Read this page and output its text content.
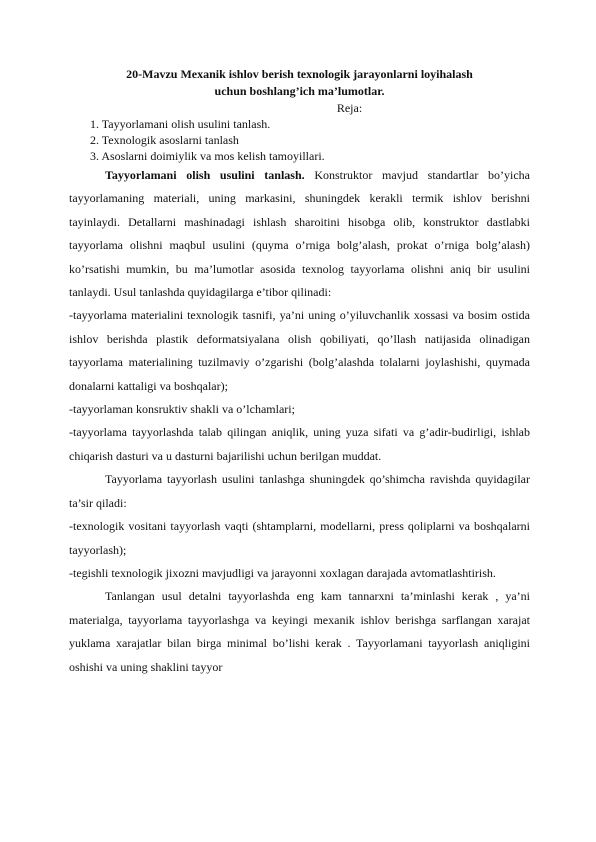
20-Mavzu Mexanik ishlov berish texnologik jarayonlarni loyihalash
uchun boshlang’ich ma’lumotlar.

Reja:

1. Tayyorlamani olish usulini tanlash.
2. Texnologik asoslarni tanlash
3. Asoslarni doimiylik va mos kelish tamoyillari.

Tayyorlamani olish usulini tanlash. Konstruktor mavjud standartlar bo’yicha tayyorlamaning materiali, uning markasini, shuningdek kerakli termik ishlov berishni tayinlaydi. Detallarni mashinadagi ishlash sharoitini hisobga olib, konstruktor dastlabki tayyorlama olishni maqbul usulini (quyma o’rniga bolg’alash, prokat o’rniga bolg’alash) ko’rsatishi mumkin, bu ma’lumotlar asosida texnolog tayyorlama olishni aniq bir usulini tanlaydi. Usul tanlashda quyidagilarga e’tibor qilinadi:

-tayyorlama materialini texnologik tasnifi, ya’ni uning o’yiluvchanlik xossasi va bosim ostida ishlov berishda plastik deformatsiyalana olish qobiliyati, qo’llash natijasida olinadigan tayyorlama materialining tuzilmaviy o’zgarishi (bolg’alashda tolalarni joylashishi, quymada donalarni kattaligi va boshqalar);

-tayyorlaman konsruktiv shakli va o’lchamlari;

-tayyorlama tayyorlashda talab qilingan aniqlik, uning yuza sifati va g’adir-budirligi, ishlab chiqarish dasturi va u dasturni bajarilishi uchun berilgan muddat.

Tayyorlama tayyorlash usulini tanlashga shuningdek qo’shimcha ravishda quyidagilar ta’sir qiladi:

-texnologik vositani tayyorlash vaqti (shtamplarni, modellarni, press qoliplarni va boshqalarni tayyorlash);

-tegishli texnologik jixozni mavjudligi va jarayonni xoxlagan darajada avtomatlashtirish.

Tanlangan usul detalni tayyorlashda eng kam tannarxni ta’minlashi kerak , ya’ni materialga, tayyorlama tayyorlashga va keyingi mexanik ishlov berishga sarflangan xarajat yuklama xarajatlar bilan birga minimal bo’lishi kerak . Tayyorlamani tayyorlash aniqligini oshishi va uning shaklini tayyor
